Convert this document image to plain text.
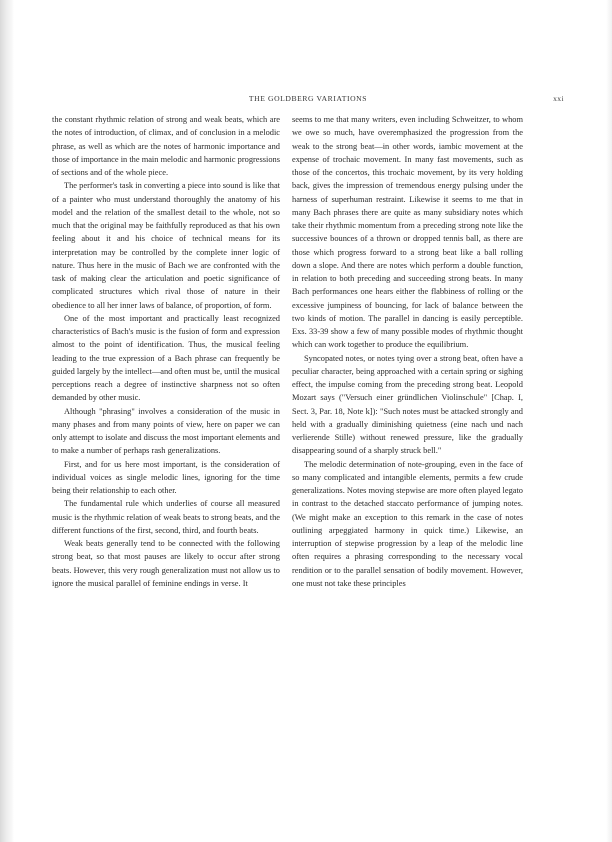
THE GOLDBERG VARIATIONS	xxi

the constant rhythmic relation of strong and weak beats, which are the notes of introduction, of climax, and of conclusion in a melodic phrase, as well as which are the notes of harmonic importance and those of importance in the main melodic and harmonic progressions of sections and of the whole piece.

The performer's task in converting a piece into sound is like that of a painter who must understand thoroughly the anatomy of his model and the relation of the smallest detail to the whole, not so much that the original may be faithfully reproduced as that his own feeling about it and his choice of technical means for its interpretation may be controlled by the complete inner logic of nature. Thus here in the music of Bach we are confronted with the task of making clear the articulation and poetic significance of complicated structures which rival those of nature in their obedience to all her inner laws of balance, of proportion, of form.

One of the most important and practically least recognized characteristics of Bach's music is the fusion of form and expression almost to the point of identification. Thus, the musical feeling leading to the true expression of a Bach phrase can frequently be guided largely by the intellect—and often must be, until the musical perceptions reach a degree of instinctive sharpness not so often demanded by other music.

Although "phrasing" involves a consideration of the music in many phases and from many points of view, here on paper we can only attempt to isolate and discuss the most important elements and to make a number of perhaps rash generalizations.

First, and for us here most important, is the consideration of individual voices as single melodic lines, ignoring for the time being their relationship to each other.

The fundamental rule which underlies of course all measured music is the rhythmic relation of weak beats to strong beats, and the different functions of the first, second, third, and fourth beats.

Weak beats generally tend to be connected with the following strong beat, so that most pauses are likely to occur after strong beats. However, this very rough generalization must not allow us to ignore the musical parallel of feminine endings in verse. It

seems to me that many writers, even including Schweitzer, to whom we owe so much, have overemphasized the progression from the weak to the strong beat—in other words, iambic movement at the expense of trochaic movement. In many fast movements, such as those of the concertos, this trochaic movement, by its very holding back, gives the impression of tremendous energy pulsing under the harness of superhuman restraint. Likewise it seems to me that in many Bach phrases there are quite as many subsidiary notes which take their rhythmic momentum from a preceding strong note like the successive bounces of a thrown or dropped tennis ball, as there are those which progress forward to a strong beat like a ball rolling down a slope. And there are notes which perform a double function, in relation to both preceding and succeeding strong beats. In many Bach performances one hears either the flabbiness of rolling or the excessive jumpiness of bouncing, for lack of balance between the two kinds of motion. The parallel in dancing is easily perceptible. Exs. 33-39 show a few of many possible modes of rhythmic thought which can work together to produce the equilibrium.

Syncopated notes, or notes tying over a strong beat, often have a peculiar character, being approached with a certain spring or sighing effect, the impulse coming from the preceding strong beat. Leopold Mozart says ("Versuch einer gründlichen Violinschule" [Chap. I, Sect. 3, Par. 18, Note k]): "Such notes must be attacked strongly and held with a gradually diminishing quietness (eine nach und nach verlierende Stille) without renewed pressure, like the gradually disappearing sound of a sharply struck bell."

The melodic determination of note-grouping, even in the face of so many complicated and intangible elements, permits a few crude generalizations. Notes moving stepwise are more often played legato in contrast to the detached staccato performance of jumping notes. (We might make an exception to this remark in the case of notes outlining arpeggiated harmony in quick time.) Likewise, an interruption of stepwise progression by a leap of the melodic line often requires a phrasing corresponding to the necessary vocal rendition or to the parallel sensation of bodily movement. However, one must not take these principles
